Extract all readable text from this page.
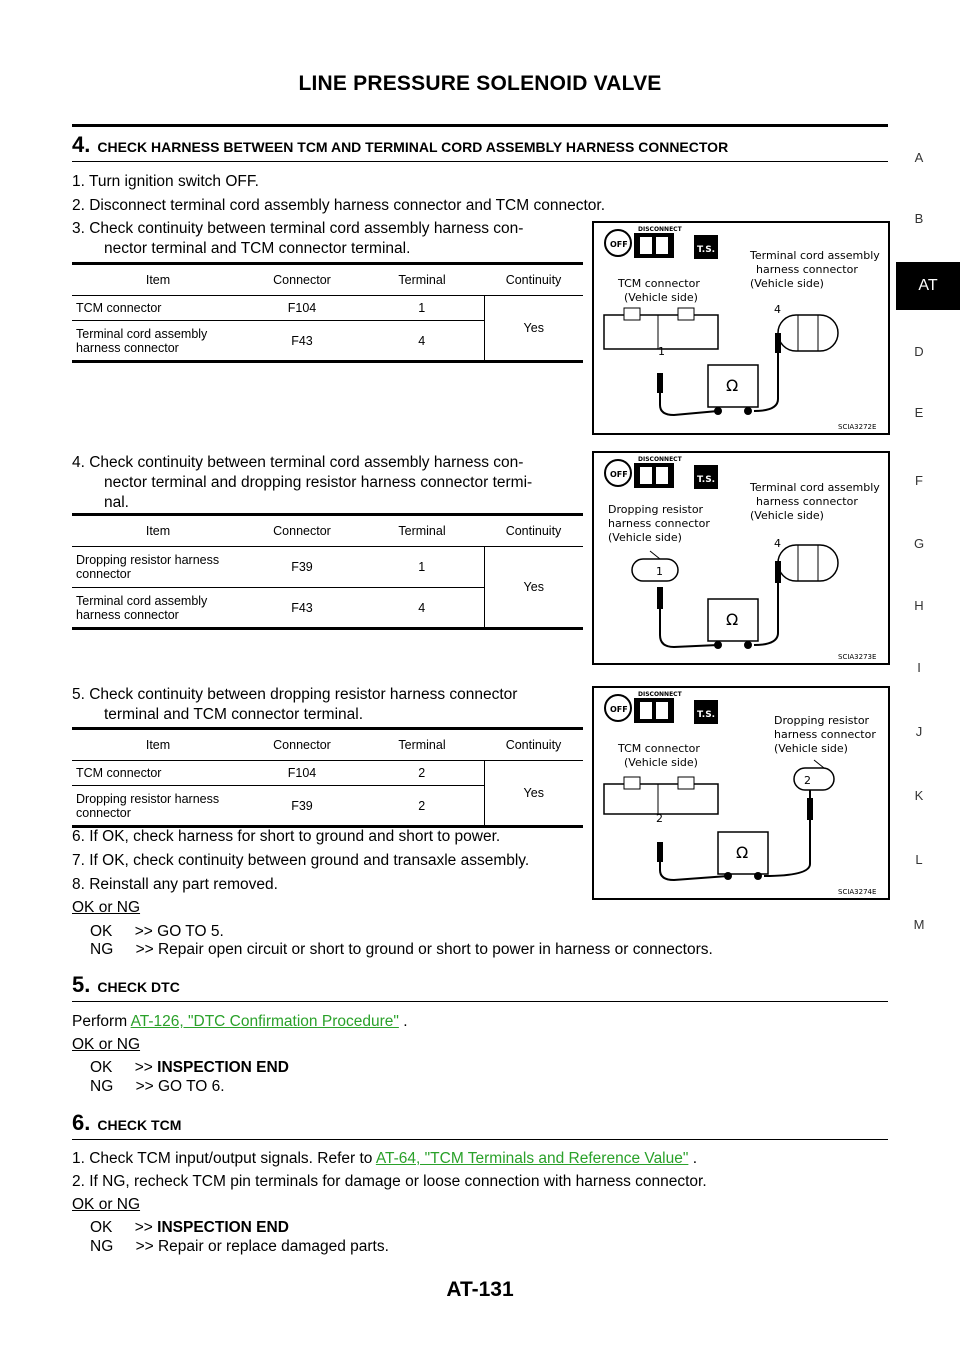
LINE PRESSURE SOLENOID VALVE
A
B
AT
D
E
F
G
H
I
J
K
L
M
4. CHECK HARNESS BETWEEN TCM AND TERMINAL CORD ASSEMBLY HARNESS CONNECTOR
1. Turn ignition switch OFF.
2. Disconnect terminal cord assembly harness connector and TCM connector.
3. Check continuity between terminal cord assembly harness con-
nector terminal and TCM connector terminal.
Item	Connector	Terminal	Continuity
TCM connector	F104	1	Yes
Terminal cord assembly harness connector	F43	4	
OFF
DISCONNECT
T.S.
TCM connector (Vehicle side)
Terminal cord assembly harness connector (Vehicle side)
1
4
Ω
SCIA3272E
4. Check continuity between terminal cord assembly harness con-
nector terminal and dropping resistor harness connector termi-
nal.
Item	Connector	Terminal	Continuity
Dropping resistor harness connector	F39	1	Yes
Terminal cord assembly harness connector	F43	4	
OFF
DISCONNECT
T.S.
Dropping resistor harness connector (Vehicle side)
Terminal cord assembly harness connector (Vehicle side)
1
4
Ω
SCIA3273E
5. Check continuity between dropping resistor harness connector
terminal and TCM connector terminal.
Item	Connector	Terminal	Continuity
TCM connector	F104	2	Yes
Dropping resistor harness connector	F39	2	
OFF
DISCONNECT
T.S.
TCM connector (Vehicle side)
Dropping resistor harness connector (Vehicle side)
2
2
Ω
SCIA3274E
6. If OK, check harness for short to ground and short to power.
7. If OK, check continuity between ground and transaxle assembly.
8. Reinstall any part removed.
OK or NG
OK >> GO TO 5.
NG >> Repair open circuit or short to ground or short to power in harness or connectors.
5. CHECK DTC
Perform AT-126, "DTC Confirmation Procedure" .
OK or NG
OK >> INSPECTION END
NG >> GO TO 6.
6. CHECK TCM
1. Check TCM input/output signals. Refer to AT-64, "TCM Terminals and Reference Value" .
2. If NG, recheck TCM pin terminals for damage or loose connection with harness connector.
OK or NG
OK >> INSPECTION END
NG >> Repair or replace damaged parts.
AT-131
